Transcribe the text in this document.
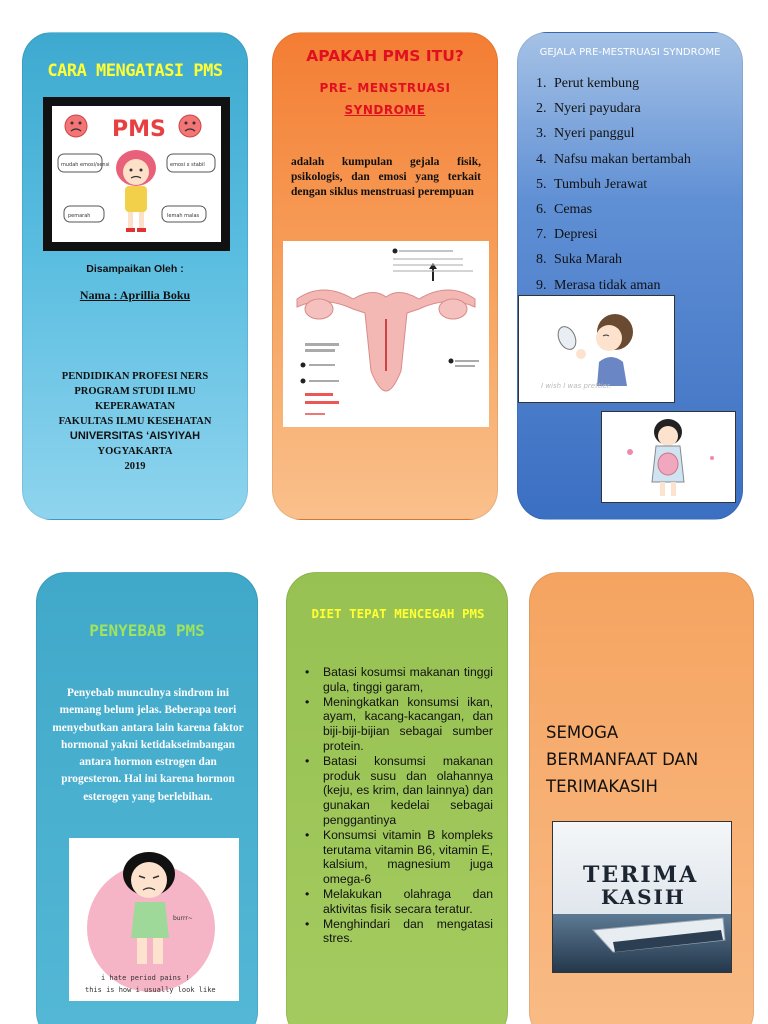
CARA MENGATASI PMS
PMS
mudah emosi/sensi	emosi x stabil
pemarah	lemah malas
Disampaikan Oleh :
Nama : Aprillia Boku
PENDIDIKAN PROFESI NERS
PROGRAM STUDI ILMU
KEPERAWATAN
FAKULTAS ILMU KESEHATAN
UNIVERSITAS ‘AISYIYAH
YOGYAKARTA
2019
APAKAH PMS ITU?
PRE- MENSTRUASI
SYNDROME
adalah kumpulan gejala fisik, psikologis, dan emosi yang terkait dengan siklus menstruasi perempuan
GEJALA PRE-MESTRUASI SYNDROME
1. Perut kembung
2. Nyeri payudara
3. Nyeri panggul
4. Nafsu makan bertambah
5. Tumbuh Jerawat
6. Cemas
7. Depresi
8. Suka Marah
9. Merasa tidak aman
I wish I was prettier.
PENYEBAB PMS
Penyebab munculnya sindrom ini memang belum jelas. Beberapa teori menyebutkan antara lain karena faktor hormonal yakni ketidakseimbangan antara hormon estrogen dan progesteron. Hal ini karena hormon esterogen yang berlebihan.
burrr~
i hate period pains !
this is how i usually look like
DIET TEPAT MENCEGAH PMS
• Batasi kosumsi makanan tinggi gula, tinggi garam,
• Meningkatkan konsumsi ikan, ayam, kacang-kacangan, dan biji-biji-bijian sebagai sumber protein.
• Batasi konsumsi makanan produk susu dan olahannya (keju, es krim, dan lainnya) dan gunakan kedelai sebagai penggantinya
• Konsumsi vitamin B kompleks terutama vitamin B6, vitamin E, kalsium, magnesium juga omega-6
• Melakukan olahraga dan aktivitas fisik secara teratur.
• Menghindari dan mengatasi stres.
SEMOGA
BERMANFAAT DAN
TERIMAKASIH
TERIMA
KASIH
